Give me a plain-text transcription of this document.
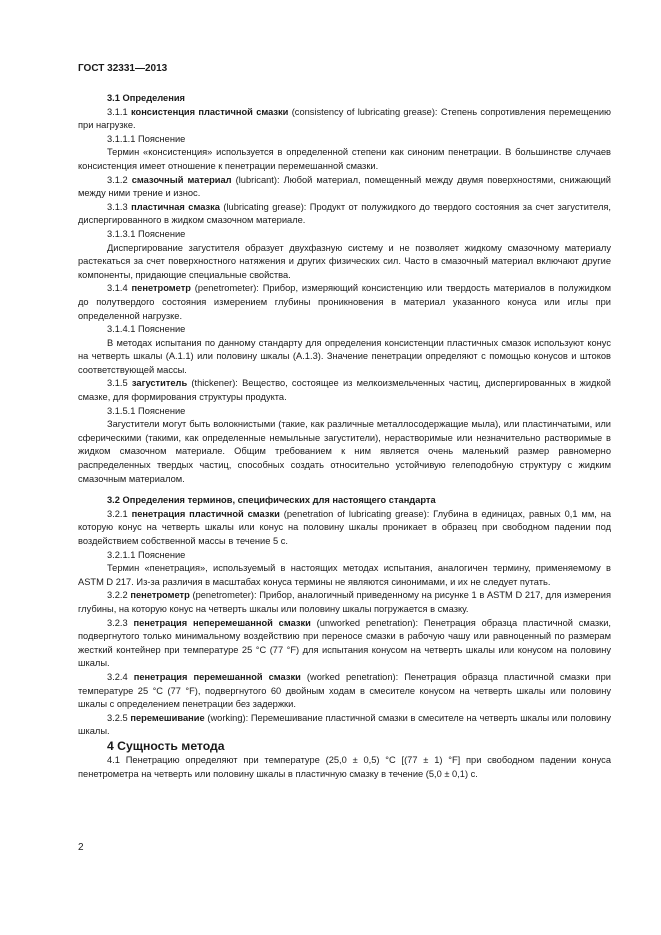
ГОСТ 32331—2013

3.1 Определения

3.1.1 консистенция пластичной смазки (consistency of lubricating grease): Степень сопротивления перемещению при нагрузке.

3.1.1.1 Пояснение

Термин «консистенция» используется в определенной степени как синоним пенетрации. В большинстве случаев консистенция имеет отношение к пенетрации перемешанной смазки.

3.1.2 смазочный материал (lubricant): Любой материал, помещенный между двумя поверхностями, снижающий между ними трение и износ.

3.1.3 пластичная смазка (lubricating grease): Продукт от полужидкого до твердого состояния за счет загустителя, диспергированного в жидком смазочном материале.

3.1.3.1 Пояснение

Диспергирование загустителя образует двухфазную систему и не позволяет жидкому смазочному материалу растекаться за счет поверхностного натяжения и других физических сил. Часто в смазочный материал включают другие компоненты, придающие специальные свойства.

3.1.4 пенетрометр (penetrometer): Прибор, измеряющий консистенцию или твердость материалов в полужидком до полутвердого состояния измерением глубины проникновения в материал указанного конуса или иглы при определенной нагрузке.

3.1.4.1 Пояснение

В методах испытания по данному стандарту для определения консистенции пластичных смазок используют конус на четверть шкалы (А.1.1) или половину шкалы (А.1.3). Значение пенетрации определяют с помощью конусов и штоков соответствующей массы.

3.1.5 загуститель (thickener): Вещество, состоящее из мелкоизмельченных частиц, диспергированных в жидкой смазке, для формирования структуры продукта.

3.1.5.1 Пояснение

Загустители могут быть волокнистыми (такие, как различные металлосодержащие мыла), или пластинчатыми, или сферическими (такими, как определенные немыльные загустители), нерастворимые или незначительно растворимые в жидком смазочном материале. Общим требованием к ним является очень маленький размер равномерно распределенных твердых частиц, способных создать относительно устойчивую гелеподобную структуру с жидким смазочным материалом.

3.2 Определения терминов, специфических для настоящего стандарта

3.2.1 пенетрация пластичной смазки (penetration of lubricating grease): Глубина в единицах, равных 0,1 мм, на которую конус на четверть шкалы или конус на половину шкалы проникает в образец при свободном падении под воздействием собственной массы в течение 5 с.

3.2.1.1 Пояснение

Термин «пенетрация», используемый в настоящих методах испытания, аналогичен термину, применяемому в ASTM D 217. Из-за различия в масштабах конуса термины не являются синонимами, и их не следует путать.

3.2.2 пенетрометр (penetrometer): Прибор, аналогичный приведенному на рисунке 1 в ASTM D 217, для измерения глубины, на которую конус на четверть шкалы или половину шкалы погружается в смазку.

3.2.3 пенетрация неперемешанной смазки (unworked penetration): Пенетрация образца пластичной смазки, подвергнутого только минимальному воздействию при переносе смазки в рабочую чашу или равноценный по размерам жесткий контейнер при температуре 25 °С (77 °F) для испытания конусом на четверть шкалы или конусом на половину шкалы.

3.2.4 пенетрация перемешанной смазки (worked penetration): Пенетрация образца пластичной смазки при температуре 25 °С (77 °F), подвергнутого 60 двойным ходам в смесителе конусом на четверть шкалы или половину шкалы с определением пенетрации без задержки.

3.2.5 перемешивание (working): Перемешивание пластичной смазки в смесителе на четверть шкалы или половину шкалы.

4 Сущность метода

4.1 Пенетрацию определяют при температуре (25,0 ± 0,5) °С [(77 ± 1) °F] при свободном падении конуса пенетрометра на четверть или половину шкалы в пластичную смазку в течение (5,0 ± 0,1) с.

2
